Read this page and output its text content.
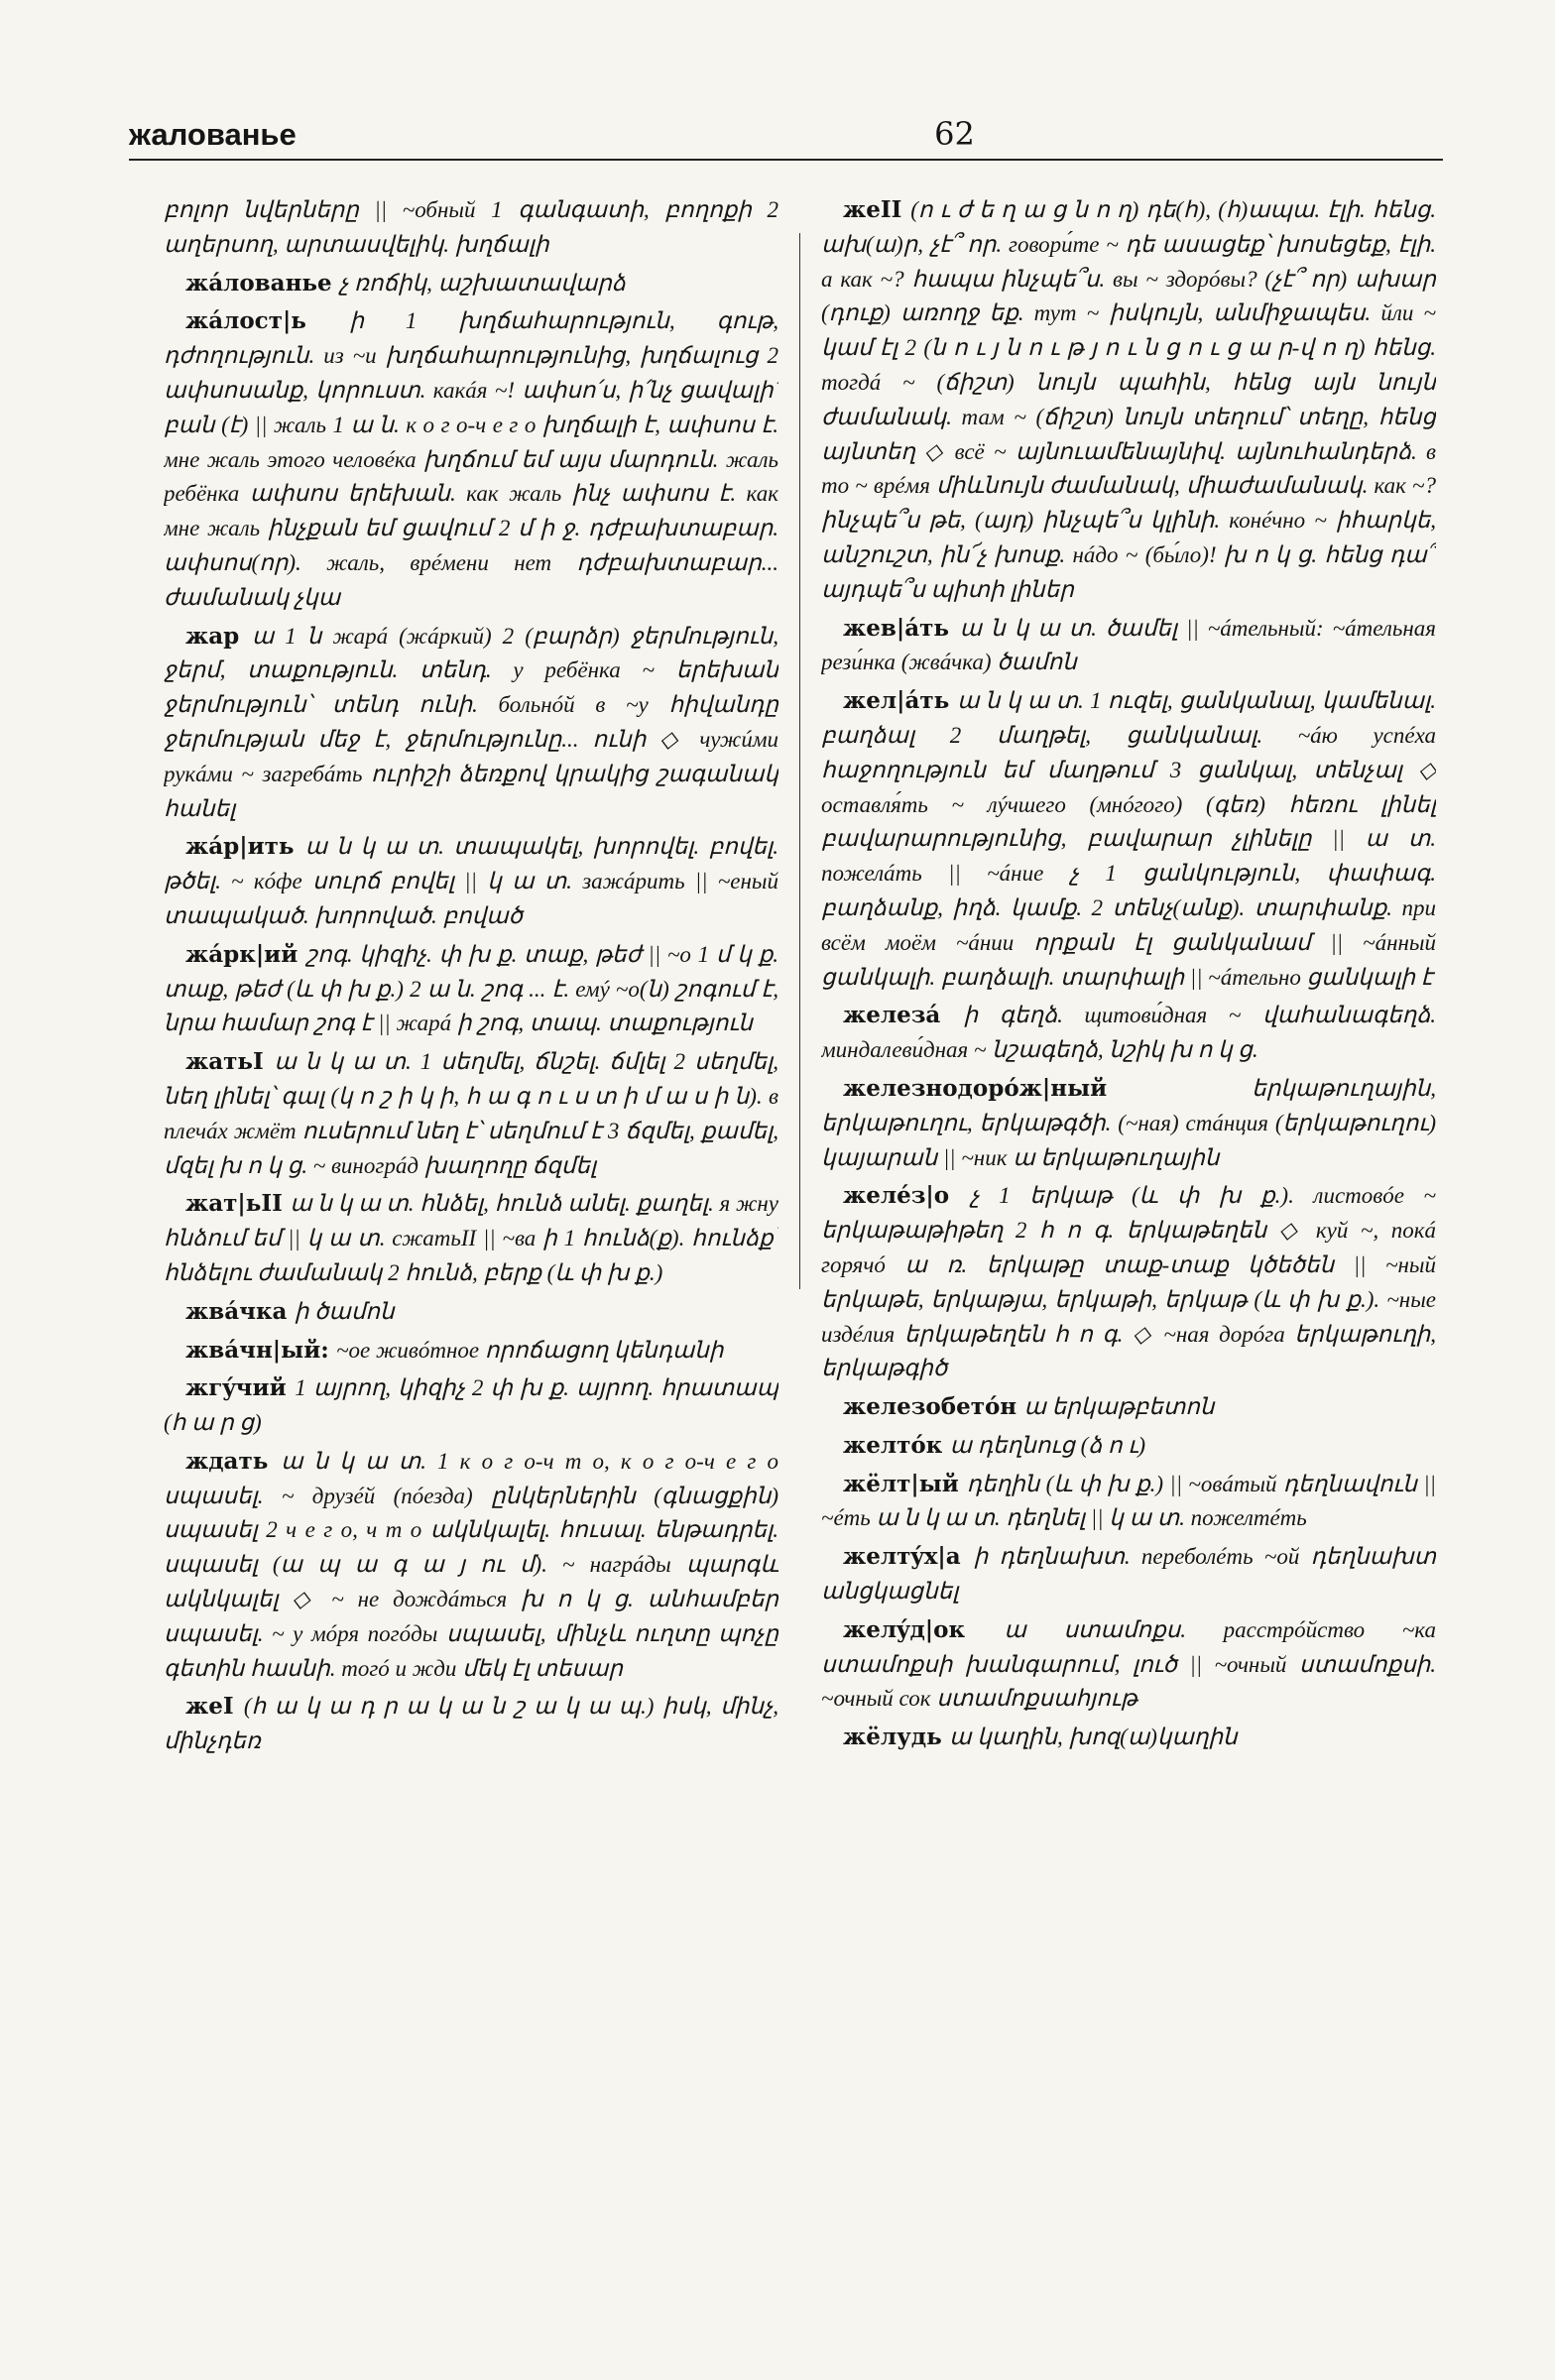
жалованье	62

բոլոր նվերները || ~обный 1 գանգատի, բողոքի 2 աղերսող, արտասվելիկ. խղճալի

жáлованье չ ռոճիկ, աշխատավարձ

жáлост|ь ի 1 խղճահարություն, գութ, դժողություն. из ~и խղճահարությունից, խղճալուց 2 ափսոսանք, կորուստ. какáя ~! ափսո՛ս, ի՛նչ ցավալի՛ բան (է) || жаль 1 ա ն. к о г о-ч е г о խղճալի է, ափսոս է. мне жаль этого человéка խղճում եմ այս մարդուն. жаль ребёнка ափսոս երեխան. как жаль ինչ ափսոս է. как мне жаль ինչքան եմ ցավում 2 մ ի ջ. դժբախտաբար. ափսոս(որ). жаль, врéмени нет դժբախտաբար... ժամանակ չկա

жар ա 1 ն жарá (жáркий) 2 (բարձր) ջերմություն, ջերմ, տաքություն. տենդ. у ребёнка ~ երեխան ջերմություն՝ տենդ ունի. больнóй в ~у հիվանդը ջերմության մեջ է, ջերմությունը... ունի ◇ чужúми рукáми ~ загребáть ուրիշի ձեռքով կրակից շագանակ հանել

жáр|ить ա ն կ ա տ. տապակել, խորովել. բովել. թծել. ~ кóфе սուրճ բովել || կ ա տ. зажáрить || ~еный տապակած. խորոված. բոված

жáрк|ий շոգ. կիզիչ. փ խ ք. տաք, թեժ || ~о 1 մ կ ք. տաք, թեժ (և փ խ ք.) 2 ա ն. շոգ ... է. емý ~о(ն) շոգում է, նրա համար շոգ է || жарá ի շոգ, տապ. տաքություն

жатьI ա ն կ ա տ. 1 սեղմել, ճնշել. ճմլել 2 սեղմել, նեղ լինել՝ գալ (կ ո շ ի կ ի, հ ա գ ո ւ ս տ ի մ ա ս ի ն). в плечáх жмёт ուսերում նեղ է՝ սեղմում է 3 ճզմել, քամել, մզել խ ո կ ց. ~ виногрáд խաղողը ճզմել

жат|ьII ա ն կ ա տ. հնձել, հունձ անել. քաղել. я жну հնձում եմ || կ ա տ. сжатьII || ~ва ի 1 հունձ(ք). հունձք՝ հնձելու ժամանակ 2 հունձ, բերք (և փ խ ք.)

жвáчка ի ծամոն

жвáчн|ый: ~ое живóтное որոճացող կենդանի

жгýчий 1 այրող, կիզիչ 2 փ խ ք. այրող. հրատապ (հ ա ր ց)

ждать ա ն կ ա տ. 1 к о г о-ч т о, к о г о-ч е г о սպասել. ~ друзéй (пóезда) ընկերներին (գնացքին) սպասել 2 ч е г о, ч т о ակնկալել. հուսալ. ենթադրել. սպասել (ա պ ա գ ա յ ու մ). ~ нагрáды պարգև ակնկալել ◇ ~ не дождáться խ ո կ ց. անհամբեր սպասել. ~ у мóря погóды սպասել, մինչև ուղտը պոչը գետին հասնի. тогó и жди մեկ էլ տեսար

жеI (հ ա կ ա դ ր ա կ ա ն շ ա կ ա պ.) իսկ, մինչ, մինչդեռ

жеII (ո ւ ժ ե ղ ա ց ն ո ղ) դե(հ), (հ)ապա. էլի. հենց. ախ(ա)ր, չէ՞ որ. говори́те ~ դե ասացեք՝ խոսեցեք, էլի. а как ~? հապա ինչպե՞ս. вы ~ здорóвы? (չէ՞ որ) ախար (դուք) առողջ եք. тут ~ իսկույն, անմիջապես. йли ~ կամ էլ 2 (ն ո ւ յ ն ո ւ թ յ ո ւ ն ց ո ւ ց ա ր-վ ո ղ) հենց. тогдá ~ (ճիշտ) նույն պահին, հենց այն նույն ժամանակ. там ~ (ճիշտ) նույն տեղում՝ տեղը, հենց այնտեղ ◇ всё ~ այնուամենայնիվ. այնուհանդերձ. в то ~ врéмя միևնույն ժամանակ, միաժամանակ. как ~? ինչպե՞ս թե, (այդ) ինչպե՞ս կլինի. конéчно ~ իհարկե, անշուշտ, ին՜չ խոսք. нáдо ~ (бы́ло)! խ ո կ ց. հենց դա՞ այդպե՞ս պիտի լիներ

жев|áть ա ն կ ա տ. ծամել || ~áтельный: ~áтельная рези́нка (жвáчка) ծամոն

жел|áть ա ն կ ա տ. 1 ուզել, ցանկանալ, կամենալ. բաղձալ 2 մաղթել, ցանկանալ. ~áю успéха հաջողություն եմ մաղթում 3 ցանկալ, տենչալ ◇ оставля́ть ~ лýчшего (мнóгого) (գեռ) հեռու լինել բավարարությունից, բավարար չլինելը || ա տ. пожелáть || ~áние չ 1 ցանկություն, փափագ. բաղձանք, իղձ. կամք. 2 տենչ(անք). տարփանք. при всём моём ~áнии որքան էլ ցանկանամ || ~áнный ցանկալի. բաղձալի. տարփալի || ~áтельно ցանկալի է

железá ի գեղձ. щитови́дная ~ վահանագեղձ. миндалеви́дная ~ նշագեղձ, նշիկ խ ո կ ց.

железнодорóж|ный	երկաթուղային, երկաթուղու, երկաթգծի. (~ная) стáнция (երկաթուղու) կայարան || ~ник ա երկաթուղային

желéз|о չ 1 երկաթ (և փ խ ք.). листовóе ~ երկաթաթիթեղ 2 հ ո գ. երկաթեղեն ◇ куй ~, покá горячó ա ռ. երկաթը տաք-տաք կծեծեն || ~ный երկաթե, երկաթյա, երկաթի, երկաթ (և փ խ ք.). ~ные издéлия երկաթեղեն հ ո գ. ◇ ~ная дорóга երկաթուղի, երկաթգիծ

железобетóн ա երկաթբետոն

желтóк ա դեղնուց (ձ ո ւ)

жёлт|ый դեղին (և փ խ ք.) || ~овáтый դեղնավուն || ~éть ա ն կ ա տ. դեղնել || կ ա տ. пожелтéть

желтýх|а ի դեղնախտ. переболéть ~ой դեղնախտ անցկացնել

желýд|ок ա ստամոքս. расстрóйство ~ка ստամոքսի խանգարում, լուծ || ~очный ստամոքսի. ~очный сок ստամոքսահյութ

жёлудь ա կաղին, խոզ(ա)կաղին
